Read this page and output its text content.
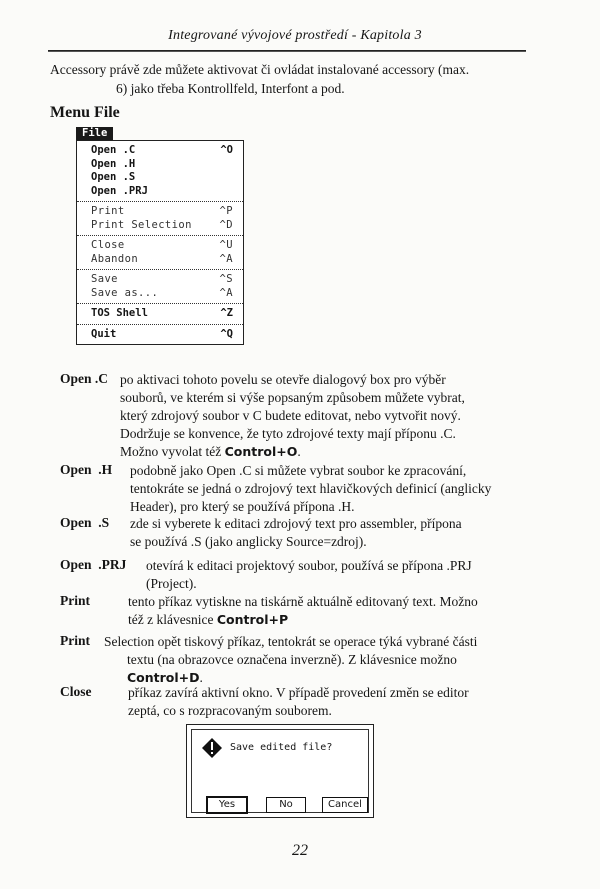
Integrované vývojové prostředí - Kapitola 3
Accessory právě zde můžete aktivovat či ovládat instalované accessory (max.
6) jako třeba Kontrollfeld, Interfont a pod.
Menu File
File
Open .C	^O
Open .H
Open .S
Open .PRJ
Print	^P
Print Selection	^D
Close	^U
Abandon	^A
Save	^S
Save as...	^A
TOS Shell	^Z
Quit	^Q
Open .C po aktivaci tohoto povelu se otevře dialogový box pro výběr
souborů, ve kterém si výše popsaným způsobem můžete vybrat,
který zdrojový soubor v C budete editovat, nebo vytvořit nový.
Dodržuje se konvence, že tyto zdrojové texty mají příponu .C.
Možno vyvolat též Control+O.
Open  .H podobně jako Open .C si můžete vybrat soubor ke zpracování,
tentokráte se jedná o zdrojový text hlavičkových definicí (anglicky
Header), pro který se používá přípona .H.
Open  .S zde si vyberete k editaci zdrojový text pro assembler, přípona
se používá .S (jako anglicky Source=zdroj).
Open  .PRJ otevírá k editaci projektový soubor, používá se přípona .PRJ
(Project).
Print	tento příkaz vytiskne na tiskárně aktuálně editovaný text. Možno
též z klávesnice Control+P
Print Selection opět tiskový příkaz, tentokrát se operace týká vybrané části
textu (na obrazovce označena inverzně). Z klávesnice možno
Control+D.
Close	příkaz zavírá aktivní okno. V případě provedení změn se editor
zeptá, co s rozpracovaným souborem.
Save edited file?
Yes	No	Cancel
22
